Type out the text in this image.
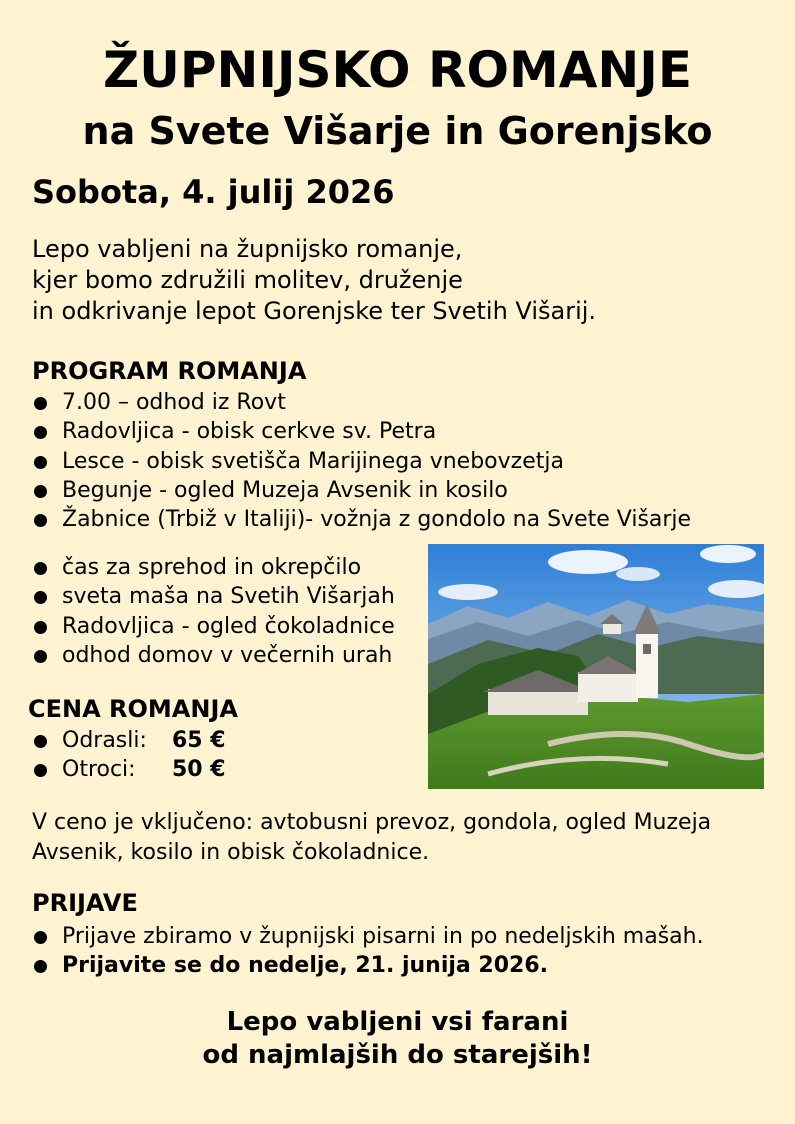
ŽUPNIJSKO ROMANJE
na Svete Višarje in Gorenjsko
Sobota, 4. julij 2026
Lepo vabljeni na župnijsko romanje,
kjer bomo združili molitev, druženje
in odkrivanje lepot Gorenjske ter Svetih Višarij.
PROGRAM ROMANJA
7.00 – odhod iz Rovt
Radovljica - obisk cerkve sv. Petra
Lesce - obisk svetišča Marijinega vnebovzetja
Begunje - ogled Muzeja Avsenik in kosilo
Žabnice (Trbiž v Italiji)- vožnja z gondolo na Svete Višarje
čas za sprehod in okrepčilo
sveta maša na Svetih Višarjah
Radovljica - ogled čokoladnice
odhod domov v večernih urah
CENA ROMANJA
Odrasli: 65 €
Otroci: 50 €
V ceno je vključeno: avtobusni prevoz, gondola, ogled Muzeja Avsenik, kosilo in obisk čokoladnice.
PRIJAVE
Prijave zbiramo v župnijski pisarni in po nedeljskih mašah.
Prijavite se do nedelje, 21. junija 2026.
Lepo vabljeni vsi farani
od najmlajših do starejših!
